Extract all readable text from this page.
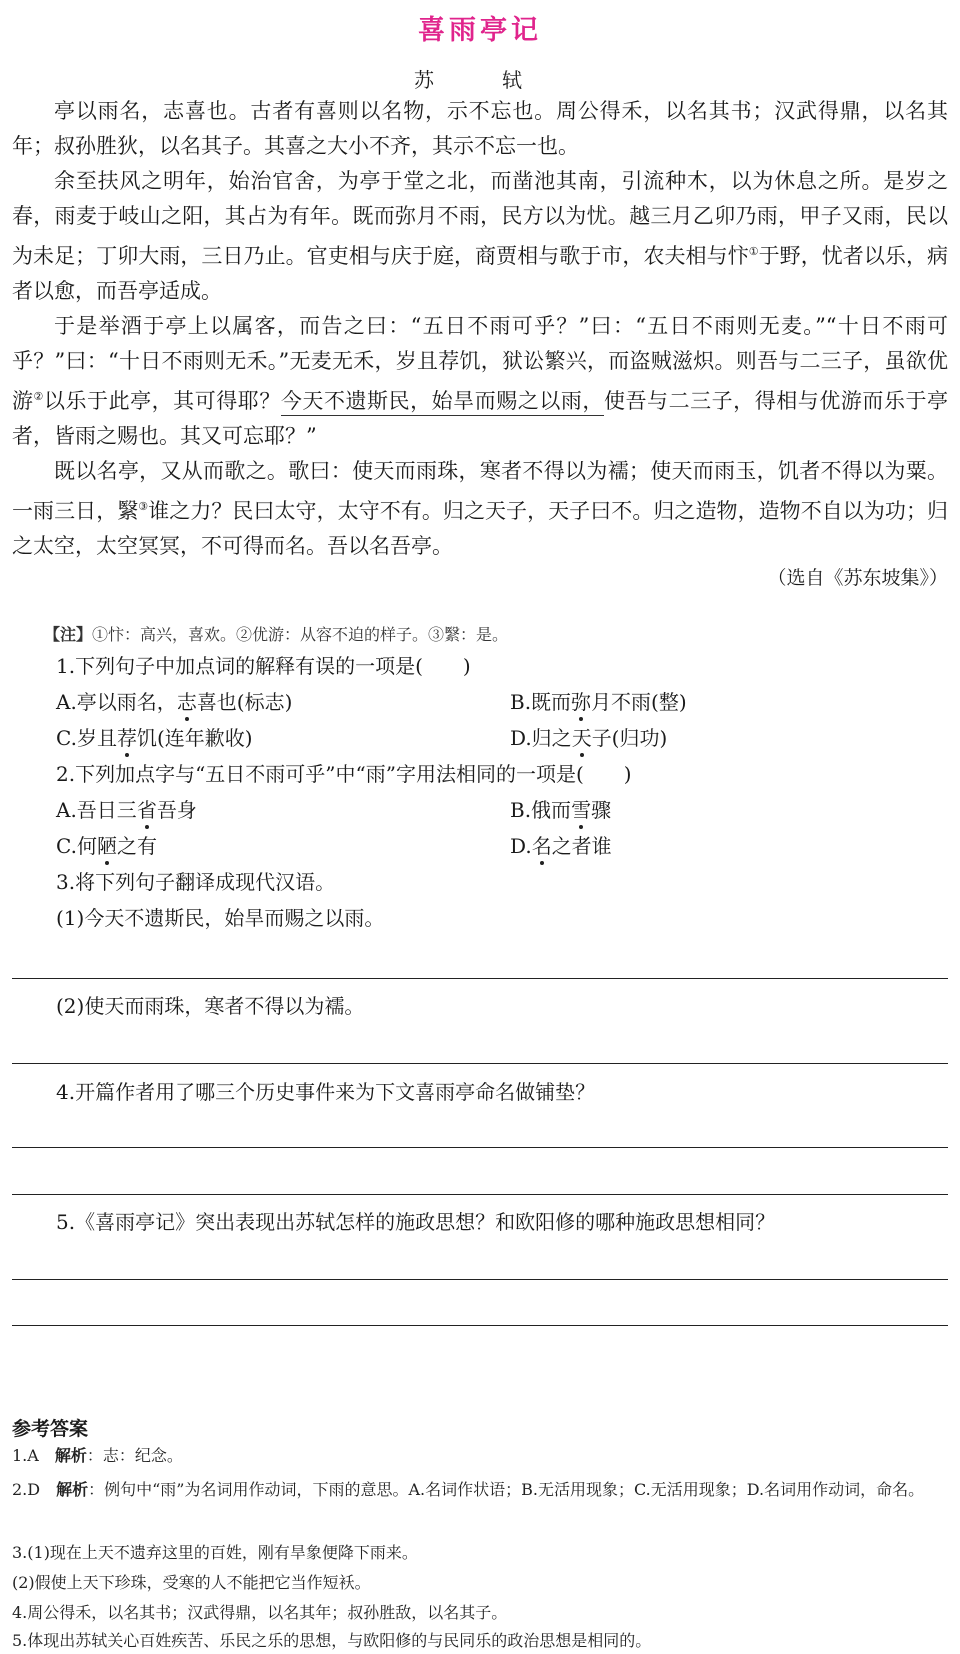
喜雨亭记
苏　轼

亭以雨名，志喜也。古者有喜则以名物，示不忘也。周公得禾，以名其书；汉武得鼎，以名其年；叔孙胜狄，以名其子。其喜之大小不齐，其示不忘一也。

余至扶风之明年，始治官舍，为亭于堂之北，而凿池其南，引流种木，以为休息之所。是岁之春，雨麦于岐山之阳，其占为有年。既而弥月不雨，民方以为忧。越三月乙卯乃雨，甲子又雨，民以为未足；丁卯大雨，三日乃止。官吏相与庆于庭，商贾相与歌于市，农夫相与忭①于野，忧者以乐，病者以愈，而吾亭适成。

于是举酒于亭上以属客，而告之曰：“五日不雨可乎？”曰：“五日不雨则无麦。”“十日不雨可乎？”曰：“十日不雨则无禾。”无麦无禾，岁且荐饥，狱讼繁兴，而盗贼滋炽。则吾与二三子，虽欲优游②以乐于此亭，其可得耶？今天不遗斯民，始旱而赐之以雨，使吾与二三子，得相与优游而乐于亭者，皆雨之赐也。其又可忘耶？”

既以名亭，又从而歌之。歌曰：使天而雨珠，寒者不得以为襦；使天而雨玉，饥者不得以为粟。一雨三日，繄③谁之力？民曰太守，太守不有。归之天子，天子曰不。归之造物，造物不自以为功；归之太空，太空冥冥，不可得而名。吾以名吾亭。

（选自《苏东坡集》）
【注】①忭：高兴，喜欢。②优游：从容不迫的样子。③繄：是。
1.下列句子中加点词的解释有误的一项是(　　)
A.亭以雨名，志喜也(标志)	B.既而弥月不雨(整)
C.岁且荐饥(连年歉收)	D.归之天子(归功)
2.下列加点字与“五日不雨可乎”中“雨”字用法相同的一项是(　　)
A.吾日三省吾身	B.俄而雪骤
C.何陋之有	D.名之者谁
3.将下列句子翻译成现代汉语。
(1)今天不遗斯民，始旱而赐之以雨。
(2)使天而雨珠，寒者不得以为襦。
4.开篇作者用了哪三个历史事件来为下文喜雨亭命名做铺垫？
5.《喜雨亭记》突出表现出苏轼怎样的施政思想？和欧阳修的哪种施政思想相同？
参考答案
1.A　解析：志：纪念。
2.D　解析：例句中“雨”为名词用作动词，下雨的意思。A.名词作状语；B.无活用现象；C.无活用现象；D.名词用作动词，命名。
3.(1)现在上天不遗弃这里的百姓，刚有旱象便降下雨来。
(2)假使上天下珍珠，受寒的人不能把它当作短袄。
4.周公得禾，以名其书；汉武得鼎，以名其年；叔孙胜敌，以名其子。
5.体现出苏轼关心百姓疾苦、乐民之乐的思想，与欧阳修的与民同乐的政治思想是相同的。
